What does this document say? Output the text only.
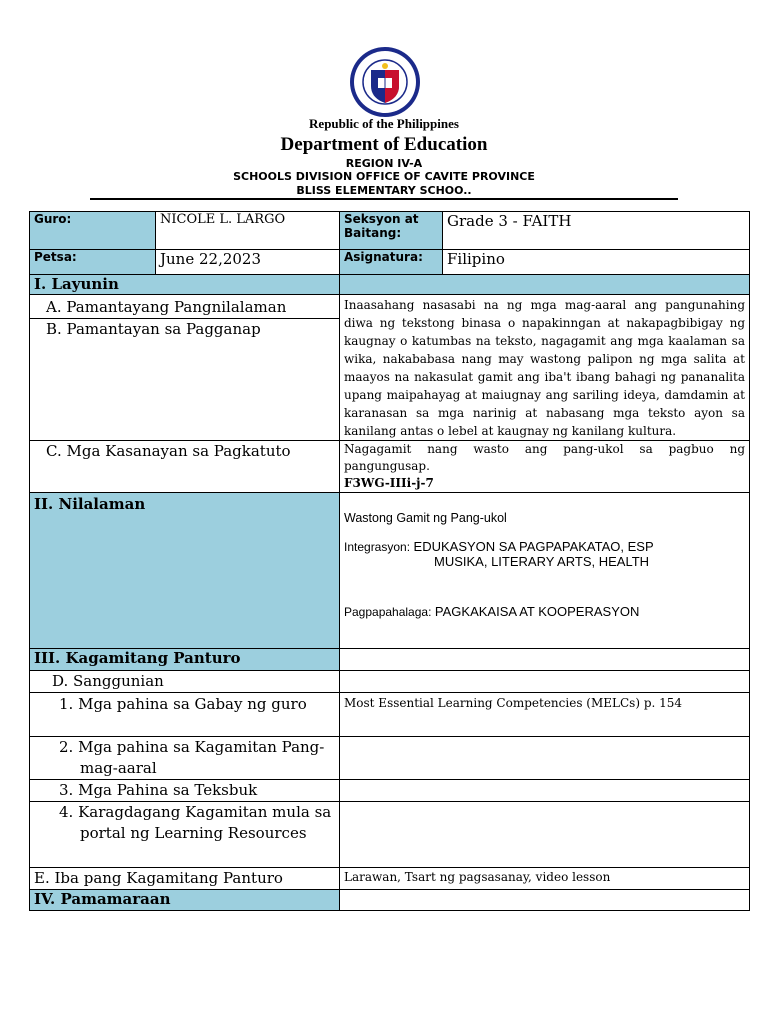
Republic of the Philippines
Department of Education
REGION IV-A
SCHOOLS DIVISION OFFICE OF CAVITE PROVINCE
BLISS ELEMENTARY SCHOO..
Guro:	NICOLE L. LARGO	Seksyon at Baitang:	Grade 3 - FAITH
Petsa:	June 22,2023	Asignatura:	Filipino
I. Layunin			

A. Pamantayang Pangnilalaman
B. Pamantayan sa Pagganap		Inaasahang nasasabi na ng mga mag-aaral ang pangunahing diwa ng tekstong binasa o napakinngan at nakapagbibigay ng kaugnay o katumbas na teksto, nagagamit ang mga kaalaman sa wika, nakababasa nang may wastong palipon ng mga salita at maayos na nakasulat gamit ang iba't ibang bahagi ng pananalita upang maipahayag at maiugnay ang sariling ideya, damdamin at karanasan sa mga narinig at nabasang mga teksto ayon sa kanilang antas o lebel at kaugnay ng kanilang kultura.	
C. Mga Kasanayan sa Pagkatuto		Nagagamit nang wasto ang pang-ukol sa pagbuo ng pangungusap.
F3WG-IIIi-j-7	

II. Nilalaman		Wastong Gamit ng Pang-ukol
Integrasyon: EDUKASYON SA PAGPAPAKATAO, ESP
MUSIKA, LITERARY ARTS, HEALTH
Pagpapahalaga: PAGKAKAISA AT KOOPERASYON	

III. Kagamitang Panturo			
D. Sanggunian			
1. Mga pahina sa Gabay ng guro		Most Essential Learning Competencies (MELCs) p. 154	
2. Mga pahina sa Kagamitan Pang-mag-aaral			
3. Mga Pahina sa Teksbuk			
4. Karagdagang Kagamitan mula sa portal ng Learning Resources			
E. Iba pang Kagamitang Panturo		Larawan, Tsart ng pagsasanay, video lesson	
IV. Pamamaraan			
